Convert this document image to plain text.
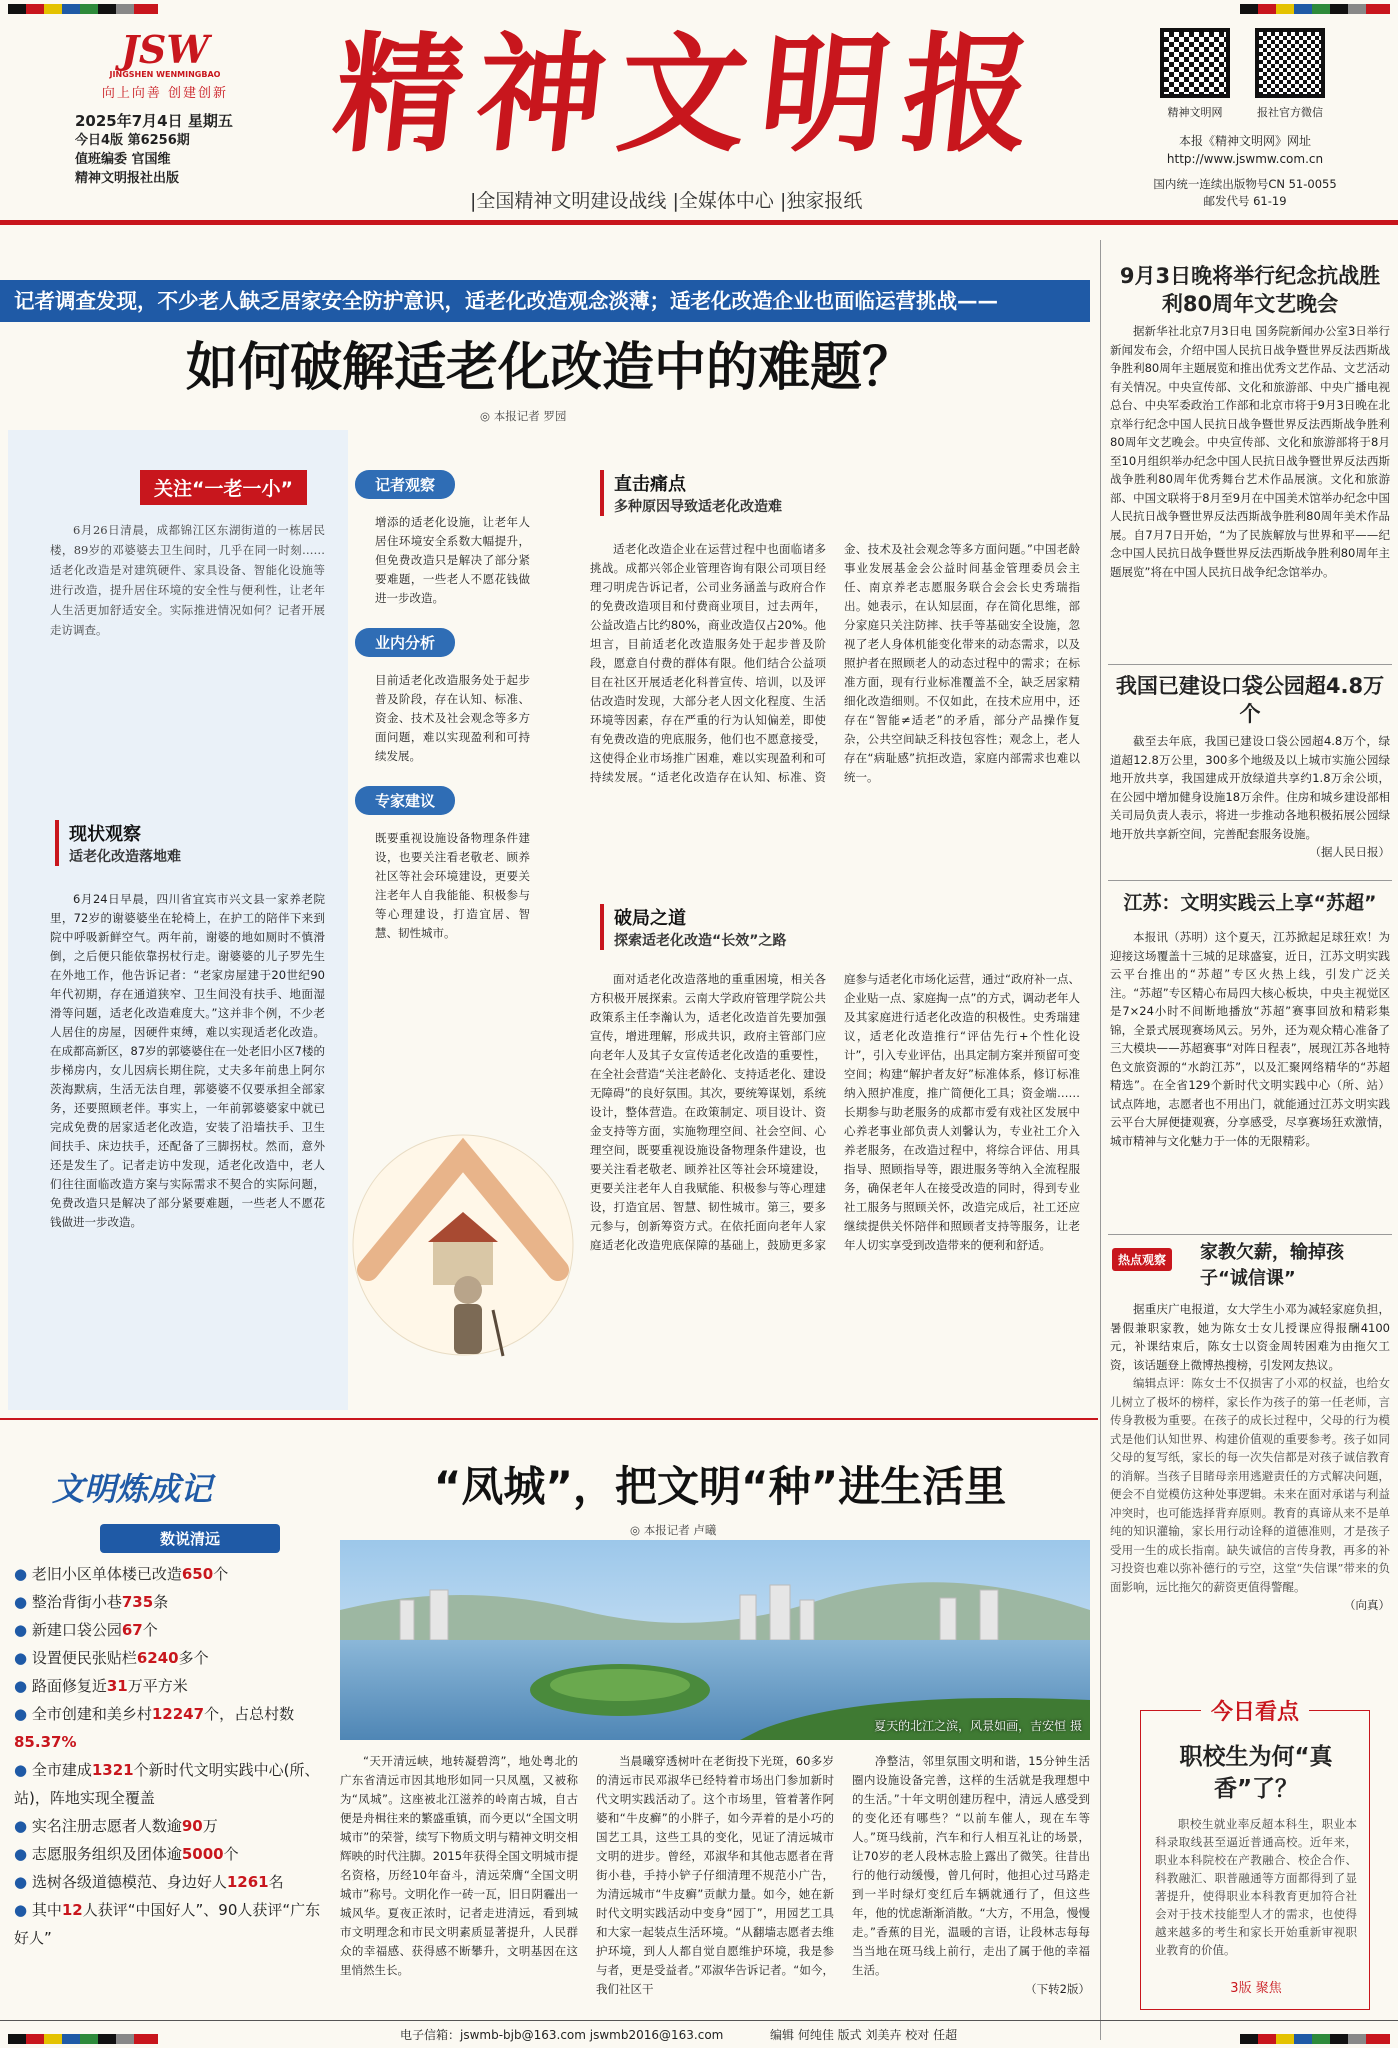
JSW
JINGSHEN WENMINGBAO
向上向善 创建创新
2025年7月4日 星期五
今日4版 第6256期
值班编委 官国维
精神文明报社出版
精神文明报
|全国精神文明建设战线 |全媒体中心 |独家报纸
精神文明网	报社官方微信
本报《精神文明网》网址
http://www.jswmw.com.cn
国内统一连续出版物号CN 51-0055
邮发代号 61-19
记者调查发现，不少老人缺乏居家安全防护意识，适老化改造观念淡薄；适老化改造企业也面临运营挑战——
如何破解适老化改造中的难题？
◎ 本报记者 罗园
关注“一老一小”
6月26日清晨，成都锦江区东湖街道的一栋居民楼，89岁的邓婆婆去卫生间时，几乎在同一时刻……适老化改造是对建筑硬件、家具设备、智能化设施等进行改造，提升居住环境的安全性与便利性，让老年人生活更加舒适安全。实际推进情况如何？记者开展走访调查。
现状观察
适老化改造落地难

6月24日早晨，四川省宜宾市兴文县一家养老院里，72岁的谢婆婆坐在轮椅上，在护工的陪伴下来到院中呼吸新鲜空气。两年前，谢婆的地如厕时不慎滑倒，之后便只能依靠拐杖行走。谢婆婆的儿子罗先生在外地工作，他告诉记者：“老家房屋建于20世纪90年代初期，存在通道狭窄、卫生间没有扶手、地面湿滑等问题，适老化改造难度大。”这并非个例，不少老人居住的房屋，因硬件束缚，难以实现适老化改造。在成都高新区，87岁的郭婆婆住在一处老旧小区7楼的步梯房内，女儿因病长期住院，丈夫多年前患上阿尔茨海默病，生活无法自理，郭婆婆不仅要承担全部家务，还要照顾老伴。事实上，一年前郭婆婆家中就已完成免费的居家适老化改造，安装了沿墙扶手、卫生间扶手、床边扶手，还配备了三脚拐杖。然而，意外还是发生了。记者走访中发现，适老化改造中，老人们往往面临改造方案与实际需求不契合的实际问题，免费改造只是解决了部分紧要难题，一些老人不愿花钱做进一步改造。

记者观察
增添的适老化设施，让老年人居住环境安全系数大幅提升，但免费改造只是解决了部分紧要难题，一些老人不愿花钱做进一步改造。
业内分析
目前适老化改造服务处于起步普及阶段，存在认知、标准、资金、技术及社会观念等多方面问题，难以实现盈利和可持续发展。
专家建议
既要重视设施设备物理条件建设，也要关注看老敬老、顾养社区等社会环境建设，更要关注老年人自我能能、积极参与等心理建设，打造宜居、智慧、韧性城市。
直击痛点
多种原因导致适老化改造难

适老化改造企业在运营过程中也面临诸多挑战。成都兴邻企业管理咨询有限公司项目经理刁明虎告诉记者，公司业务涵盖与政府合作的免费改造项目和付费商业项目，过去两年，公益改造占比约80%，商业改造仅占20%。他坦言，目前适老化改造服务处于起步普及阶段，愿意自付费的群体有限。他们结合公益项目在社区开展适老化科普宣传、培训，以及评估改造时发现，大部分老人因文化程度、生活环境等因素，存在严重的行为认知偏差，即使有免费改造的兜底服务，他们也不愿意接受，这使得企业市场推广困难，难以实现盈利和可持续发展。“适老化改造存在认知、标准、资金、技术及社会观念等多方面问题。”中国老龄事业发展基金会公益时间基金管理委员会主任、南京养老志愿服务联合会会长史秀瑞指出。她表示，在认知层面，存在简化思维，部分家庭只关注防摔、扶手等基础安全设施，忽视了老人身体机能变化带来的动态需求，以及照护者在照顾老人的动态过程中的需求；在标准方面，现有行业标准覆盖不全，缺乏居家精细化改造细则。不仅如此，在技术应用中，还存在“智能≠适老”的矛盾，部分产品操作复杂，公共空间缺乏科技包容性；观念上，老人存在“病耻感”抗拒改造，家庭内部需求也难以统一。

破局之道
探索适老化改造“长效”之路

面对适老化改造落地的重重困境，相关各方积极开展探索。云南大学政府管理学院公共政策系主任李瀚认为，适老化改造首先要加强宣传，增进理解，形成共识，政府主管部门应向老年人及其子女宣传适老化改造的重要性，在全社会营造“关注老龄化、支持适老化、建设无障碍”的良好氛围。其次，要统筹谋划，系统设计，整体营造。在政策制定、项目设计、资金支持等方面，实施物理空间、社会空间、心理空间，既要重视设施设备物理条件建设，也要关注看老敬老、顾养社区等社会环境建设，更要关注老年人自我赋能、积极参与等心理建设，打造宜居、智慧、韧性城市。第三，要多元参与，创新筹资方式。在依托面向老年人家庭适老化改造兜底保障的基础上，鼓励更多家庭参与适老化市场化运营，通过“政府补一点、企业贴一点、家庭掏一点”的方式，调动老年人及其家庭进行适老化改造的积极性。史秀瑞建议，适老化改造推行“评估先行+个性化设计”，引入专业评估，出具定制方案并预留可变空间；构建“解护者友好”标准体系，修订标准纳入照护准度，推广简便化工具；资金端……长期参与助老服务的成都市爱有戏社区发展中心养老事业部负责人刘馨认为，专业社工介入养老服务，在改造过程中，将综合评估、用具指导、照顾指导等，跟进服务等纳入全流程服务，确保老年人在接受改造的同时，得到专业社工服务与照顾关怀，改造完成后，社工还应继续提供关怀陪伴和照顾者支持等服务，让老年人切实享受到改造带来的便利和舒适。

9月3日晚将举行纪念抗战胜利80周年文艺晚会

据新华社北京7月3日电 国务院新闻办公室3日举行新闻发布会，介绍中国人民抗日战争暨世界反法西斯战争胜利80周年主题展览和推出优秀文艺作品、文艺活动有关情况。中央宣传部、文化和旅游部、中央广播电视总台、中央军委政治工作部和北京市将于9月3日晚在北京举行纪念中国人民抗日战争暨世界反法西斯战争胜利80周年文艺晚会。中央宣传部、文化和旅游部将于8月至10月组织举办纪念中国人民抗日战争暨世界反法西斯战争胜利80周年优秀舞台艺术作品展演。文化和旅游部、中国文联将于8月至9月在中国美术馆举办纪念中国人民抗日战争暨世界反法西斯战争胜利80周年美术作品展。自7月7日开始，“为了民族解放与世界和平——纪念中国人民抗日战争暨世界反法西斯战争胜利80周年主题展览”将在中国人民抗日战争纪念馆举办。

我国已建设口袋公园超4.8万个

截至去年底，我国已建设口袋公园超4.8万个，绿道超12.8万公里，300多个地级及以上城市实施公园绿地开放共享，我国建成开放绿道共享约1.8万余公顷，在公园中增加健身设施18万余件。住房和城乡建设部相关司局负责人表示，将进一步推动各地积极拓展公园绿地开放共享新空间，完善配套服务设施。

（据人民日报）
江苏：文明实践云上享“苏超”

本报讯（苏明）这个夏天，江苏掀起足球狂欢！为迎接这场覆盖十三城的足球盛宴，近日，江苏文明实践云平台推出的“苏超”专区火热上线，引发广泛关注。“苏超”专区精心布局四大核心板块，中央主视觉区是7×24小时不间断地播放“苏超”赛事回放和精彩集锦，全景式展现赛场风云。另外，还为观众精心准备了三大模块——苏超赛事“对阵日程表”，展现江苏各地特色文旅资源的“水韵江苏”，以及汇聚网络精华的“苏超精选”。在全省129个新时代文明实践中心（所、站）试点阵地，志愿者也不用出门，就能通过江苏文明实践云平台大屏便捷观赛，分享感受，尽享赛场狂欢激情，城市精神与文化魅力于一体的无限精彩。

热点观察	家教欠薪，输掉孩子“诚信课”

据重庆广电报道，女大学生小邓为减轻家庭负担，暑假兼职家教，她为陈女士女儿授课应得报酬4100元，补课结束后，陈女士以资金周转困难为由拖欠工资，该话题登上微博热搜榜，引发网友热议。

编辑点评：陈女士不仅损害了小邓的权益，也给女儿树立了极坏的榜样，家长作为孩子的第一任老师，言传身教极为重要。在孩子的成长过程中，父母的行为模式是他们认知世界、构建价值观的重要参考。孩子如同父母的复写纸，家长的每一次失信都是对孩子诚信教育的消解。当孩子目睹母亲用逃避责任的方式解决问题，便会不自觉模仿这种处事逻辑。未来在面对承诺与利益冲突时，也可能选择背弃原则。教育的真谛从来不是单纯的知识灌输，家长用行动诠释的道德准则，才是孩子受用一生的成长指南。缺失诚信的言传身教，再多的补习投资也难以弥补德行的亏空，这堂“失信课”带来的负面影响，远比拖欠的薪资更值得警醒。

（向真）
今日看点
职校生为何“真香”了？
职校生就业率反超本科生，职业本科录取线甚至逼近普通高校。近年来，职业本科院校在产教融合、校企合作、科教融汇、职普融通等方面都得到了显著提升，使得职业本科教育更加符合社会对于技术技能型人才的需求，也使得越来越多的考生和家长开始重新审视职业教育的价值。
3版 聚焦
文明炼成记
数说清远
● 老旧小区单体楼已改造650个
● 整治背街小巷735条
● 新建口袋公园67个
● 设置便民张贴栏6240多个
● 路面修复近31万平方米
● 全市创建和美乡村12247个，占总村数
85.37%
● 全市建成1321个新时代文明实践中心(所、站)，阵地实现全覆盖
● 实名注册志愿者人数逾90万
● 志愿服务组织及团体逾5000个
● 选树各级道德模范、身边好人1261名
● 其中12人获评“中国好人”、90人获评“广东好人”
“凤城”，把文明“种”进生活里
◎ 本报记者 卢曦
夏天的北江之滨，风景如画，吉安恒 摄

“天开清远峡，地转凝碧湾”，地处粤北的广东省清远市因其地形如同一只凤凰，又被称为“凤城”。这座被北江滋养的岭南古城，自古便是舟楫往来的繁盛重镇，而今更以“全国文明城市”的荣誉，续写下物质文明与精神文明交相辉映的时代注脚。2015年获得全国文明城市提名资格，历经10年奋斗，清远荣膺“全国文明城市”称号。文明化作一砖一瓦，旧日阴霾出一城风华。夏夜正浓时，记者走进清远，看到城市文明理念和市民文明素质显著提升，人民群众的幸福感、获得感不断攀升，文明基因在这里悄然生长。

当晨曦穿透树叶在老街投下光斑，60多岁的清远市民邓淑华已经特着市场出门参加新时代文明实践活动了。这个市场里，管着著作阿婆和“牛皮癣”的小胖子，如今弄着的是小巧的国艺工具，这些工具的变化，见证了清远城市文明的进步。曾经，邓淑华和其他志愿者在背街小巷，手持小铲子仔细清理不规范小广告，为清远城市“牛皮癣”贡献力量。如今，她在新时代文明实践活动中变身“园丁”，用园艺工具和大家一起装点生活环境。“从翻墙志愿者去维护环境，到人人都自觉自愿维护环境，我是参与者，更是受益者。”邓淑华告诉记者。“如今，我们社区干

净整洁，邻里氛围文明和谐，15分钟生活圈内设施设备完善，这样的生活就是我理想中的生活。”十年文明创建历程中，清远人感受到的变化还有哪些？“以前车催人，现在车等人。”斑马线前，汽车和行人相互礼让的场景，让70岁的老人段林志脸上露出了微笑。往昔出行的他行动缓慢，曾几何时，他担心过马路走到一半时绿灯变红后车辆就通行了，但这些年，他的忧虑渐渐消散。“大方，不用急，慢慢走。”香蕉的目光，温暖的言语，让段林志每每当当地在斑马线上前行，走出了属于他的幸福生活。

（下转2版）
电子信箱：jswmb-bjb@163.com jswmb2016@163.com	编辑 何纯佳 版式 刘美卉 校对 任超
